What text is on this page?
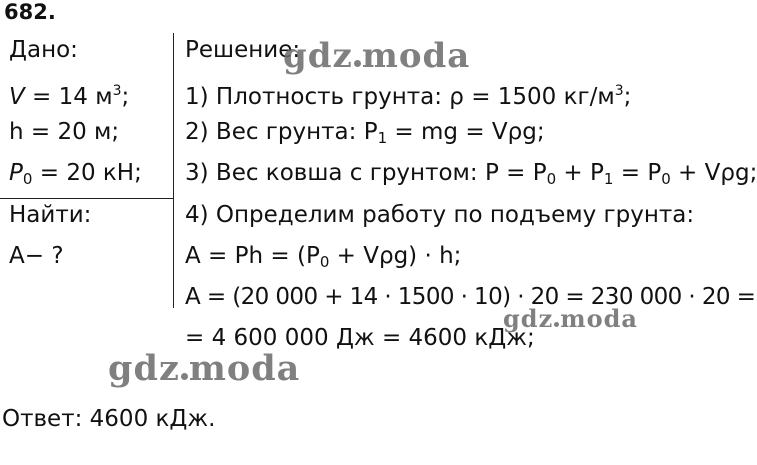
682.
Дано:
V = 14 $м^3$;
h = 20 м;
$P_0 = 20$ кН;
Найти:
A− ?
Решение:
1) Плотность грунта: ρ = 1500 $кг/м^3$;
2) Вес грунта: $P_1$ = mg = Vρg;
3) Вес ковша с грунтом: $P = P_0 + P_1 = P_0 + V\rho g$;
4) Определим работу по подъему грунта:
$A = Ph = (P_0 + V\rho g) \cdot h$;
A = (20 000 + 14 · 1500 · 10) · 20 = 230 000 · 20 =
= 4 600 000 Дж = 4600 кДж;
Ответ: 4600 кДж.
gdz moda
gdz moda
gdz moda
